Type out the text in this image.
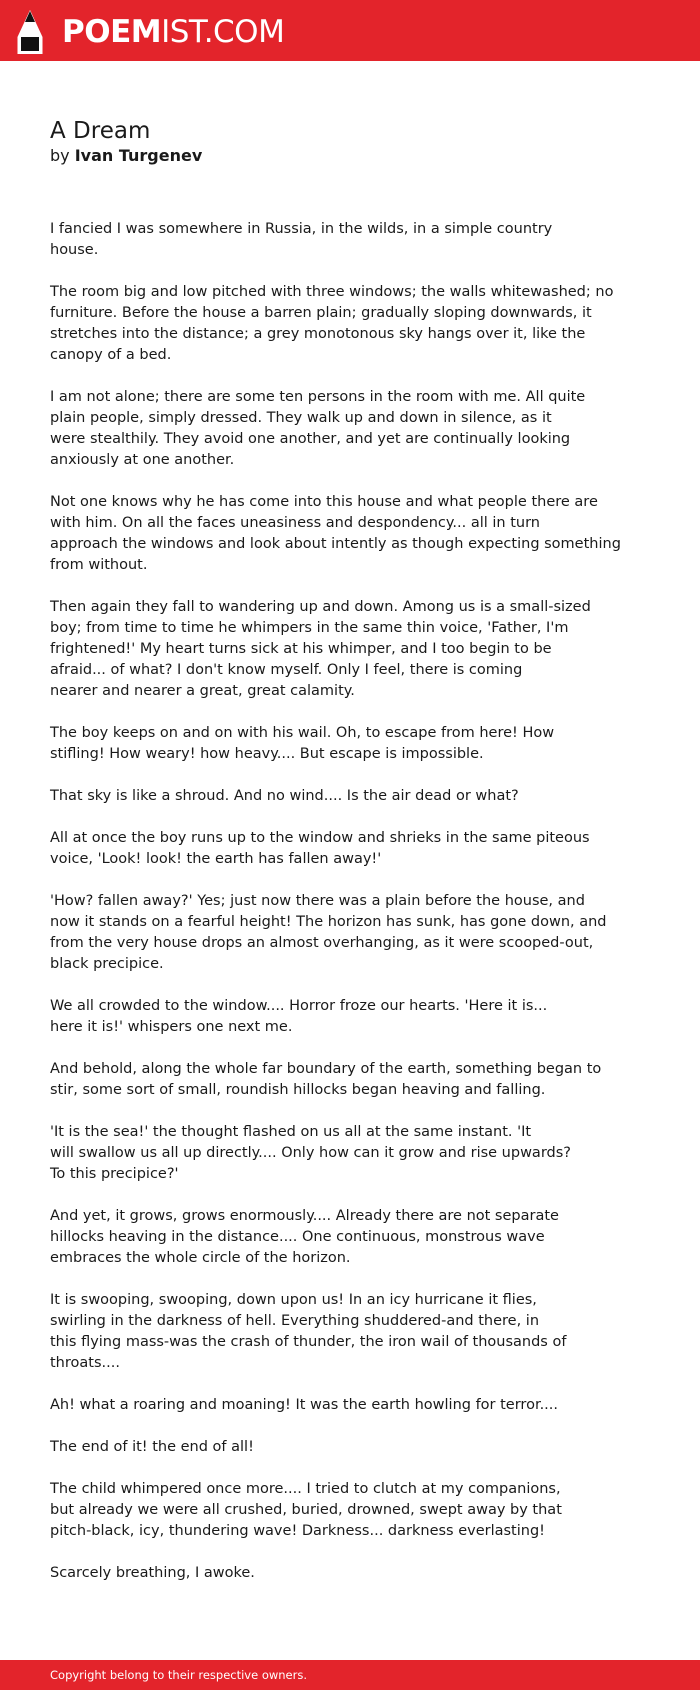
POEMIST.COM
A Dream

by Ivan Turgenev

I fancied I was somewhere in Russia, in the wilds, in a simple country
house.

The room big and low pitched with three windows; the walls whitewashed; no
furniture. Before the house a barren plain; gradually sloping downwards, it
stretches into the distance; a grey monotonous sky hangs over it, like the
canopy of a bed.

I am not alone; there are some ten persons in the room with me. All quite
plain people, simply dressed. They walk up and down in silence, as it
were stealthily. They avoid one another, and yet are continually looking
anxiously at one another.

Not one knows why he has come into this house and what people there are
with him. On all the faces uneasiness and despondency... all in turn
approach the windows and look about intently as though expecting something
from without.

Then again they fall to wandering up and down. Among us is a small-sized
boy; from time to time he whimpers in the same thin voice, 'Father, I'm
frightened!' My heart turns sick at his whimper, and I too begin to be
afraid... of what? I don't know myself. Only I feel, there is coming
nearer and nearer a great, great calamity.

The boy keeps on and on with his wail. Oh, to escape from here! How
stifling! How weary! how heavy.... But escape is impossible.

That sky is like a shroud. And no wind.... Is the air dead or what?

All at once the boy runs up to the window and shrieks in the same piteous
voice, 'Look! look! the earth has fallen away!'

'How? fallen away?' Yes; just now there was a plain before the house, and
now it stands on a fearful height! The horizon has sunk, has gone down, and
from the very house drops an almost overhanging, as it were scooped-out,
black precipice.

We all crowded to the window.... Horror froze our hearts. 'Here it is...
here it is!' whispers one next me.

And behold, along the whole far boundary of the earth, something began to
stir, some sort of small, roundish hillocks began heaving and falling.

'It is the sea!' the thought flashed on us all at the same instant. 'It
will swallow us all up directly.... Only how can it grow and rise upwards?
To this precipice?'

And yet, it grows, grows enormously.... Already there are not separate
hillocks heaving in the distance.... One continuous, monstrous wave
embraces the whole circle of the horizon.

It is swooping, swooping, down upon us! In an icy hurricane it flies,
swirling in the darkness of hell. Everything shuddered-and there, in
this flying mass-was the crash of thunder, the iron wail of thousands of
throats....

Ah! what a roaring and moaning! It was the earth howling for terror....

The end of it! the end of all!

The child whimpered once more.... I tried to clutch at my companions,
but already we were all crushed, buried, drowned, swept away by that
pitch-black, icy, thundering wave! Darkness... darkness everlasting!

Scarcely breathing, I awoke.

Copyright belong to their respective owners.
